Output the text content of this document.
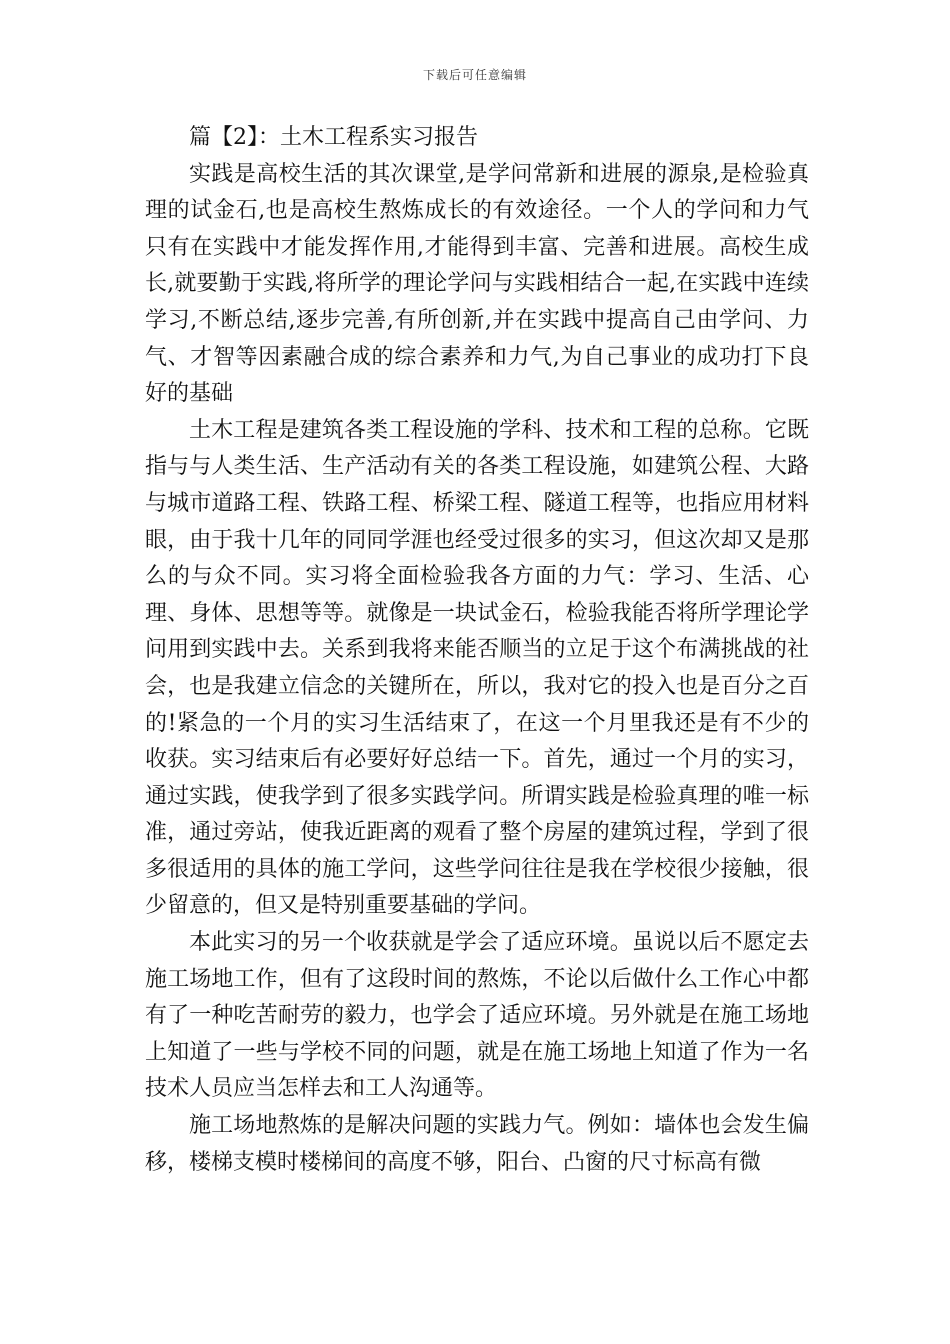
下载后可任意编辑

篇【2】：土木工程系实习报告

实践是高校生活的其次课堂,是学问常新和进展的源泉,是检验真理的试金石,也是高校生熬炼成长的有效途径。一个人的学问和力气只有在实践中才能发挥作用,才能得到丰富、完善和进展。高校生成长,就要勤于实践,将所学的理论学问与实践相结合一起,在实践中连续学习,不断总结,逐步完善,有所创新,并在实践中提高自己由学问、力气、才智等因素融合成的综合素养和力气,为自己事业的成功打下良好的基础

土木工程是建筑各类工程设施的学科、技术和工程的总称。它既指与与人类生活、生产活动有关的各类工程设施，如建筑公程、大路与城市道路工程、铁路工程、桥梁工程、隧道工程等，也指应用材料眼，由于我十几年的同同学涯也经受过很多的实习，但这次却又是那么的与众不同。实习将全面检验我各方面的力气：学习、生活、心理、身体、思想等等。就像是一块试金石，检验我能否将所学理论学问用到实践中去。关系到我将来能否顺当的立足于这个布满挑战的社会，也是我建立信念的关键所在，所以，我对它的投入也是百分之百的!紧急的一个月的实习生活结束了，在这一个月里我还是有不少的收获。实习结束后有必要好好总结一下。首先，通过一个月的实习，通过实践，使我学到了很多实践学问。所谓实践是检验真理的唯一标准，通过旁站，使我近距离的观看了整个房屋的建筑过程，学到了很多很适用的具体的施工学问，这些学问往往是我在学校很少接触，很少留意的，但又是特别重要基础的学问。

本此实习的另一个收获就是学会了适应环境。虽说以后不愿定去施工场地工作，但有了这段时间的熬炼，不论以后做什么工作心中都有了一种吃苦耐劳的毅力，也学会了适应环境。另外就是在施工场地上知道了一些与学校不同的问题，就是在施工场地上知道了作为一名技术人员应当怎样去和工人沟通等。

施工场地熬炼的是解决问题的实践力气。例如：墙体也会发生偏移，楼梯支模时楼梯间的高度不够，阳台、凸窗的尺寸标高有微
